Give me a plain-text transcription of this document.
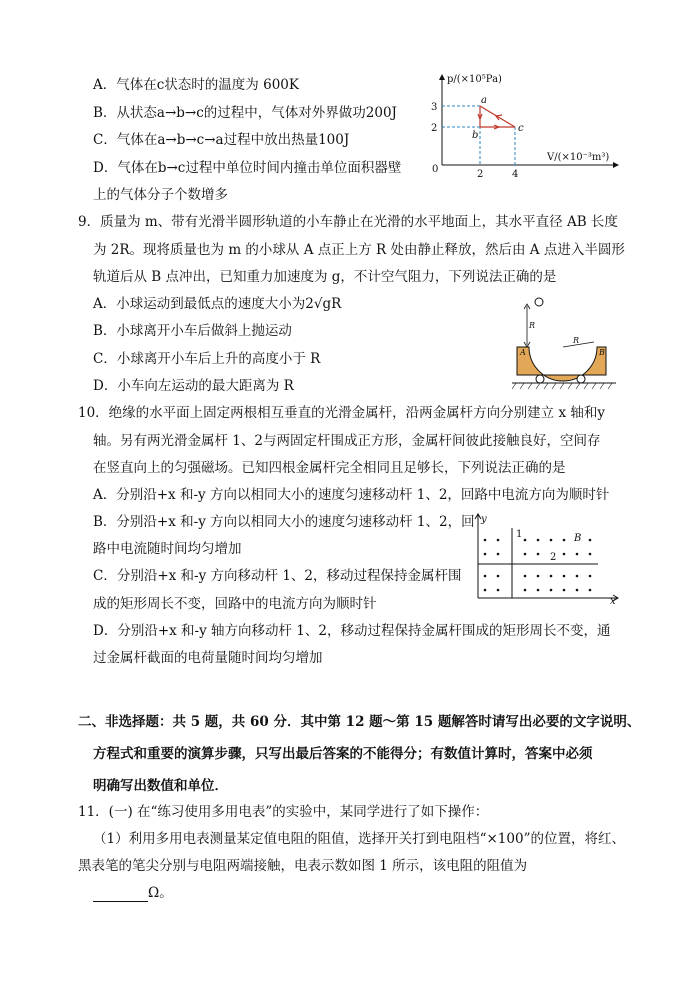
A．气体在c状态时的温度为 600K
B．从状态a→b→c的过程中，气体对外界做功200J
C．气体在a→b→c→a过程中放出热量100J
D．气体在b→c过程中单位时间内撞击单位面积器壁
上的气体分子个数增多
p/(×10⁵Pa)
V/(×10⁻³m³)
0
3
2
2	4
a
b
c
9．质量为 m、带有光滑半圆形轨道的小车静止在光滑的水平地面上，其水平直径 AB 长度
为 2R。现将质量也为 m 的小球从 A 点正上方 R 处由静止释放，然后由 A 点进入半圆形
轨道后从 B 点冲出，已知重力加速度为 g，不计空气阻力，下列说法正确的是
A．小球运动到最低点的速度大小为2√gR
B．小球离开小车后做斜上抛运动
C．小球离开小车后上升的高度小于 R
D．小车向左运动的最大距离为 R
R
R
A	B
10．绝缘的水平面上固定两根相互垂直的光滑金属杆，沿两金属杆方向分别建立 x 轴和y
轴。另有两光滑金属杆 1、2与两固定杆围成正方形，金属杆间彼此接触良好，空间存
在竖直向上的匀强磁场。已知四根金属杆完全相同且足够长，下列说法正确的是
A．分别沿+x 和-y 方向以相同大小的速度匀速移动杆 1、2，回路中电流方向为顺时针
B．分别沿+x 和-y 方向以相同大小的速度匀速移动杆 1、2，回
路中电流随时间均匀增加
C．分别沿+x 和-y 方向移动杆 1、2，移动过程保持金属杆围
成的矩形周长不变，回路中的电流方向为顺时针
D．分别沿+x 和-y 轴方向移动杆 1、2，移动过程保持金属杆围成的矩形周长不变，通
过金属杆截面的电荷量随时间均匀增加
y
x
1
2
B
二、非选择题：共 5 题，共 60 分．其中第 12 题～第 15 题解答时请写出必要的文字说明、
方程式和重要的演算步骤，只写出最后答案的不能得分；有数值计算时，答案中必须
明确写出数值和单位．
11．(一) 在“练习使用多用电表”的实验中，某同学进行了如下操作：
（1）利用多用电表测量某定值电阻的阻值，选择开关打到电阻档“×100”的位置，将红、
黑表笔的笔尖分别与电阻两端接触，电表示数如图 1 所示，该电阻的阻值为
Ω。
